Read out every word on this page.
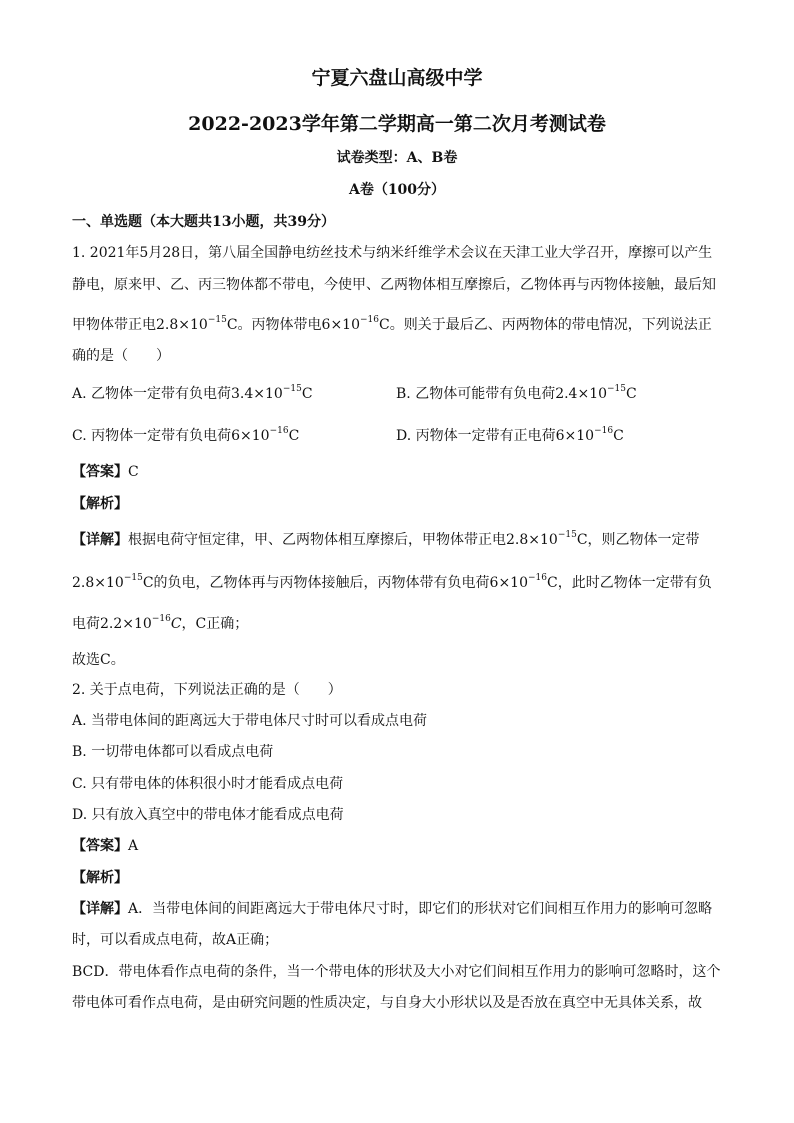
宁夏六盘山高级中学
2022-2023学年第二学期高一第二次月考测试卷
试卷类型：A、B卷
A卷（100分）
一、单选题（本大题共13小题，共39分）
1. 2021年5月28日，第八届全国静电纺丝技术与纳米纤维学术会议在天津工业大学召开，摩擦可以产生
静电，原来甲、乙、丙三物体都不带电，今使甲、乙两物体相互摩擦后，乙物体再与丙物体接触，最后知
甲物体带正电$2.8\times 10^{-15}C$。丙物体带电$6\times 10^{-16}C$。则关于最后乙、丙两物体的带电情况，下列说法正
确的是（　　）
A. 乙物体一定带有负电荷$3.4\times 10^{-15}C$	B. 乙物体可能带有负电荷$2.4\times 10^{-15}C$
C. 丙物体一定带有负电荷$6\times 10^{-16}C$	D. 丙物体一定带有正电荷$6\times 10^{-16}C$
【答案】C
【解析】
【详解】根据电荷守恒定律，甲、乙两物体相互摩擦后，甲物体带正电$2.8\times 10^{-15}C$，则乙物体一定带
$2.8\times 10^{-15}C$的负电，乙物体再与丙物体接触后，丙物体带有负电荷$6\times 10^{-16}C$，此时乙物体一定带有负
电荷$2.2\times 10^{-16}C$，C正确；
故选C。
2. 关于点电荷，下列说法正确的是（　　）
A. 当带电体间的距离远大于带电体尺寸时可以看成点电荷
B. 一切带电体都可以看成点电荷
C. 只有带电体的体积很小时才能看成点电荷
D. 只有放入真空中的带电体才能看成点电荷
【答案】A
【解析】
【详解】A．当带电体间的间距离远大于带电体尺寸时，即它们的形状对它们间相互作用力的影响可忽略
时，可以看成点电荷，故A正确；
BCD．带电体看作点电荷的条件，当一个带电体的形状及大小对它们间相互作用力的影响可忽略时，这个
带电体可看作点电荷，是由研究问题的性质决定，与自身大小形状以及是否放在真空中无具体关系，故
